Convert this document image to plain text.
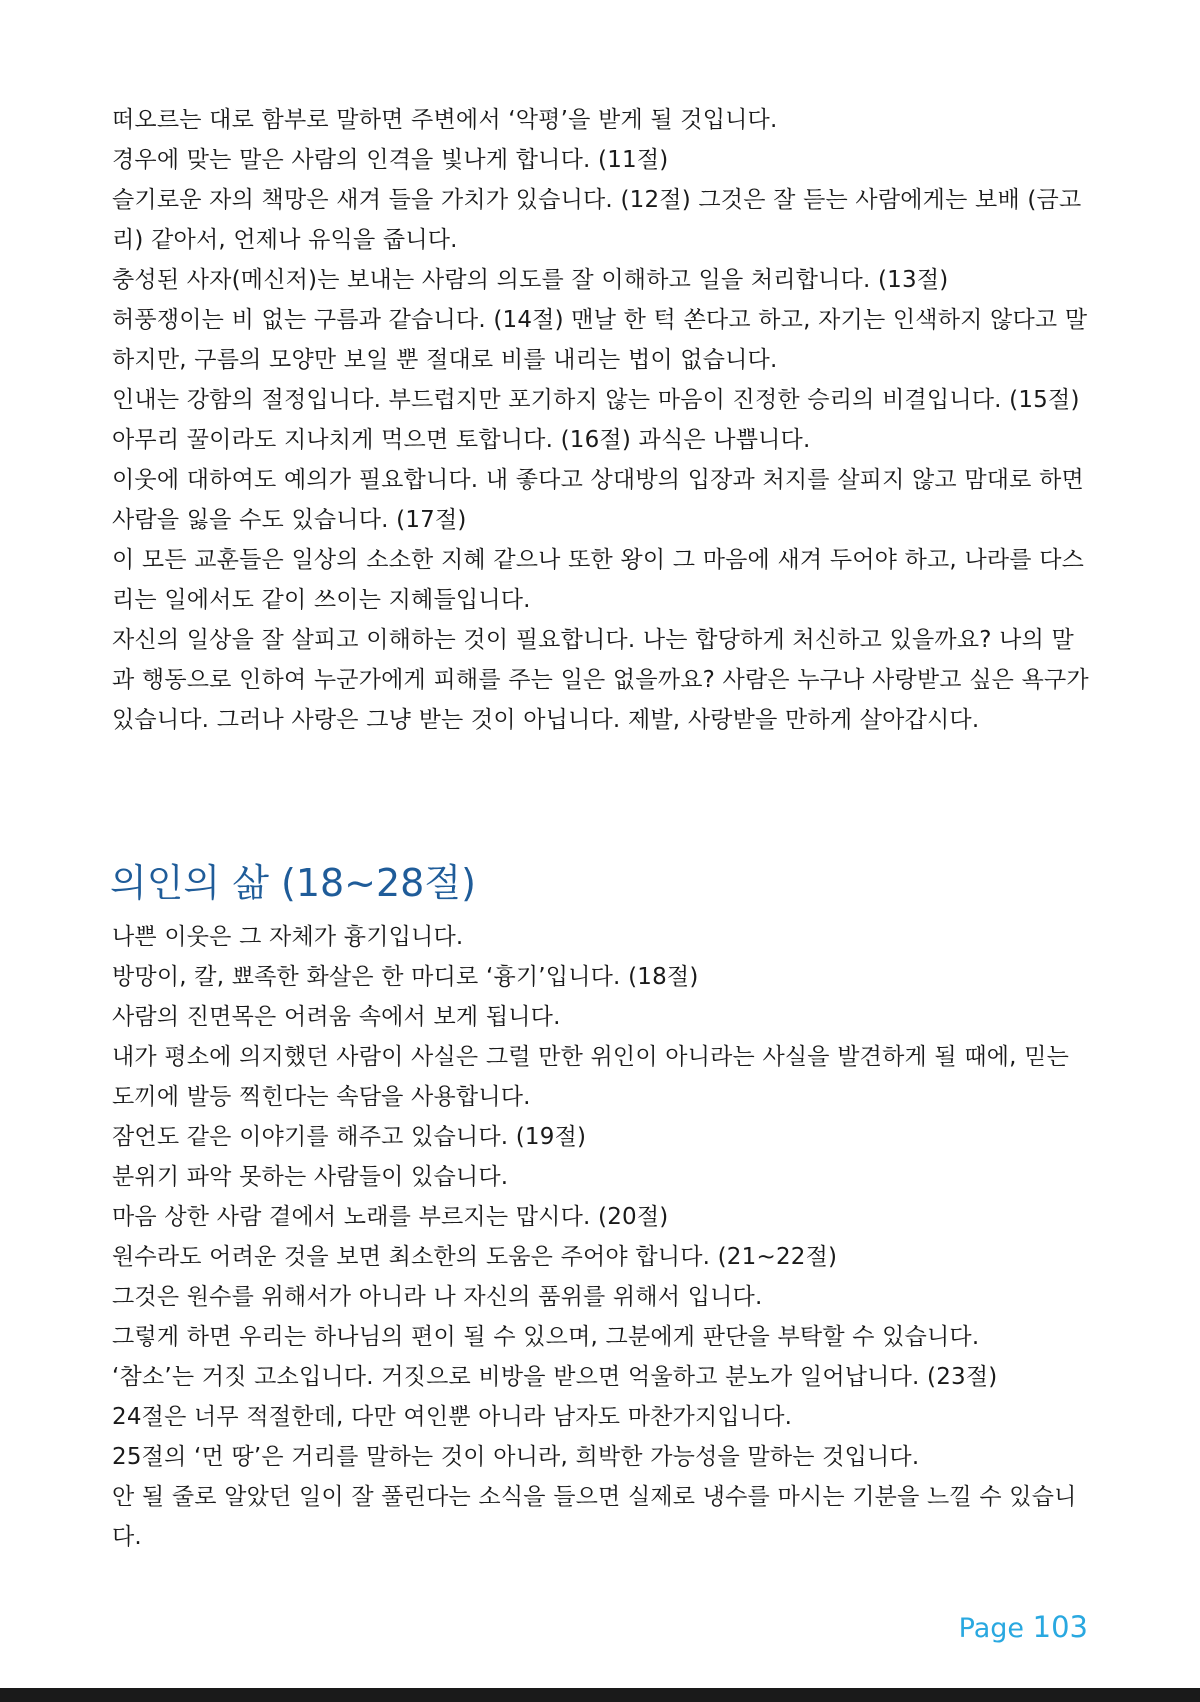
떠오르는 대로 함부로 말하면 주변에서 ‘악평’을 받게 될 것입니다.

경우에 맞는 말은 사람의 인격을 빛나게 합니다. (11절)

슬기로운 자의 책망은 새겨 들을 가치가 있습니다. (12절) 그것은 잘 듣는 사람에게는 보배 (금고리) 같아서, 언제나 유익을 줍니다.

충성된 사자(메신저)는 보내는 사람의 의도를 잘 이해하고 일을 처리합니다. (13절)

허풍쟁이는 비 없는 구름과 같습니다. (14절) 맨날 한 턱 쏜다고 하고, 자기는 인색하지 않다고 말하지만, 구름의 모양만 보일 뿐 절대로 비를 내리는 법이 없습니다.

인내는 강함의 절정입니다. 부드럽지만 포기하지 않는 마음이 진정한 승리의 비결입니다. (15절)

아무리 꿀이라도 지나치게 먹으면 토합니다. (16절) 과식은 나쁩니다.

이웃에 대하여도 예의가 필요합니다. 내 좋다고 상대방의 입장과 처지를 살피지 않고 맘대로 하면 사람을 잃을 수도 있습니다. (17절)

이 모든 교훈들은 일상의 소소한 지혜 같으나 또한 왕이 그 마음에 새겨 두어야 하고, 나라를 다스리는 일에서도 같이 쓰이는 지혜들입니다.

자신의 일상을 잘 살피고 이해하는 것이 필요합니다. 나는 합당하게 처신하고 있을까요? 나의 말과 행동으로 인하여 누군가에게 피해를 주는 일은 없을까요? 사람은 누구나 사랑받고 싶은 욕구가 있습니다. 그러나 사랑은 그냥 받는 것이 아닙니다. 제발, 사랑받을 만하게 살아갑시다.

의인의 삶 (18~28절)

나쁜 이웃은 그 자체가 흉기입니다.

방망이, 칼, 뾰족한 화살은 한 마디로 ‘흉기’입니다. (18절)

사람의 진면목은 어려움 속에서 보게 됩니다.

내가 평소에 의지했던 사람이 사실은 그럴 만한 위인이 아니라는 사실을 발견하게 될 때에, 믿는 도끼에 발등 찍힌다는 속담을 사용합니다.

잠언도 같은 이야기를 해주고 있습니다. (19절)

분위기 파악 못하는 사람들이 있습니다.

마음 상한 사람 곁에서 노래를 부르지는 맙시다. (20절)

원수라도 어려운 것을 보면 최소한의 도움은 주어야 합니다. (21~22절)

그것은 원수를 위해서가 아니라 나 자신의 품위를 위해서 입니다.

그렇게 하면 우리는 하나님의 편이 될 수 있으며, 그분에게 판단을 부탁할 수 있습니다.

‘참소’는 거짓 고소입니다. 거짓으로 비방을 받으면 억울하고 분노가 일어납니다. (23절)

24절은 너무 적절한데, 다만 여인뿐 아니라 남자도 마찬가지입니다.

25절의 ‘먼 땅’은 거리를 말하는 것이 아니라, 희박한 가능성을 말하는 것입니다.

안 될 줄로 알았던 일이 잘 풀린다는 소식을 들으면 실제로 냉수를 마시는 기분을 느낄 수 있습니다.

Page 103
